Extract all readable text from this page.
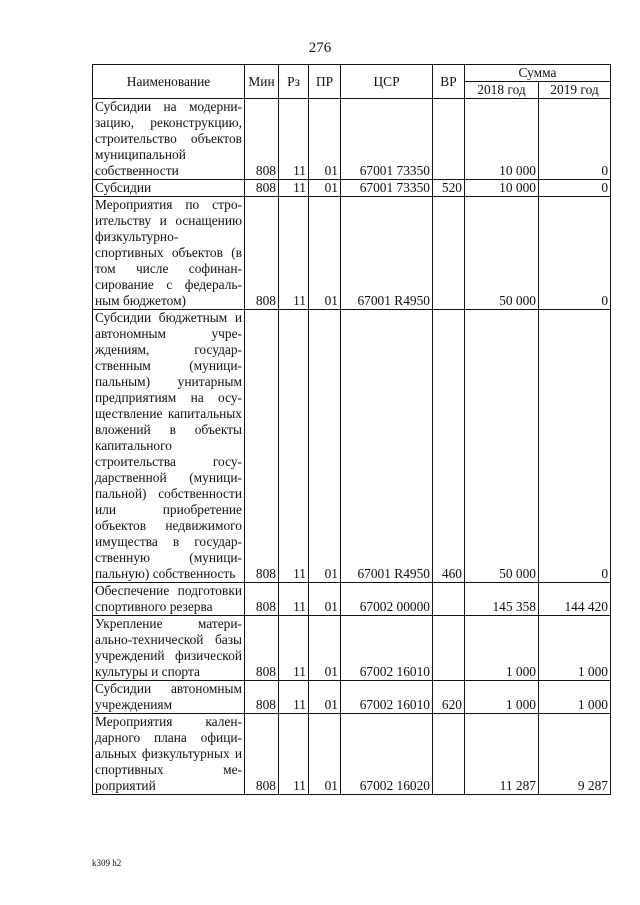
276
Наименование	Мин	Рз	ПР	ЦСР	ВР	Сумма	
						2018 год	2019 год
Субсидии на модернизацию, реконструкцию, строительство объектов муниципальной собственности	808	11	01	67001 73350		10 000	0
Субсидии	808	11	01	67001 73350	520	10 000	0
Мероприятия по строительству и оснащению физкультурно-спортивных объектов (в том числе софинансирование с федеральным бюджетом)	808	11	01	67001 R4950		50 000	0
Субсидии бюджетным и автономным учреждениям, государственным (муниципальным) унитарным предприятиям на осуществление капитальных вложений в объекты капитального строительства государственной (муниципальной) собственности или приобретение объектов недвижимого имущества в государственную (муниципальную) собственность	808	11	01	67001 R4950	460	50 000	0
Обеспечение подготовки спортивного резерва	808	11	01	67002 00000		145 358	144 420
Укрепление материально-технической базы учреждений физической культуры и спорта	808	11	01	67002 16010		1 000	1 000
Субсидии автономным учреждениям	808	11	01	67002 16010	620	1 000	1 000
Мероприятия календарного плана официальных физкультурных и спортивных мероприятий	808	11	01	67002 16020		11 287	9 287
k309 h2
